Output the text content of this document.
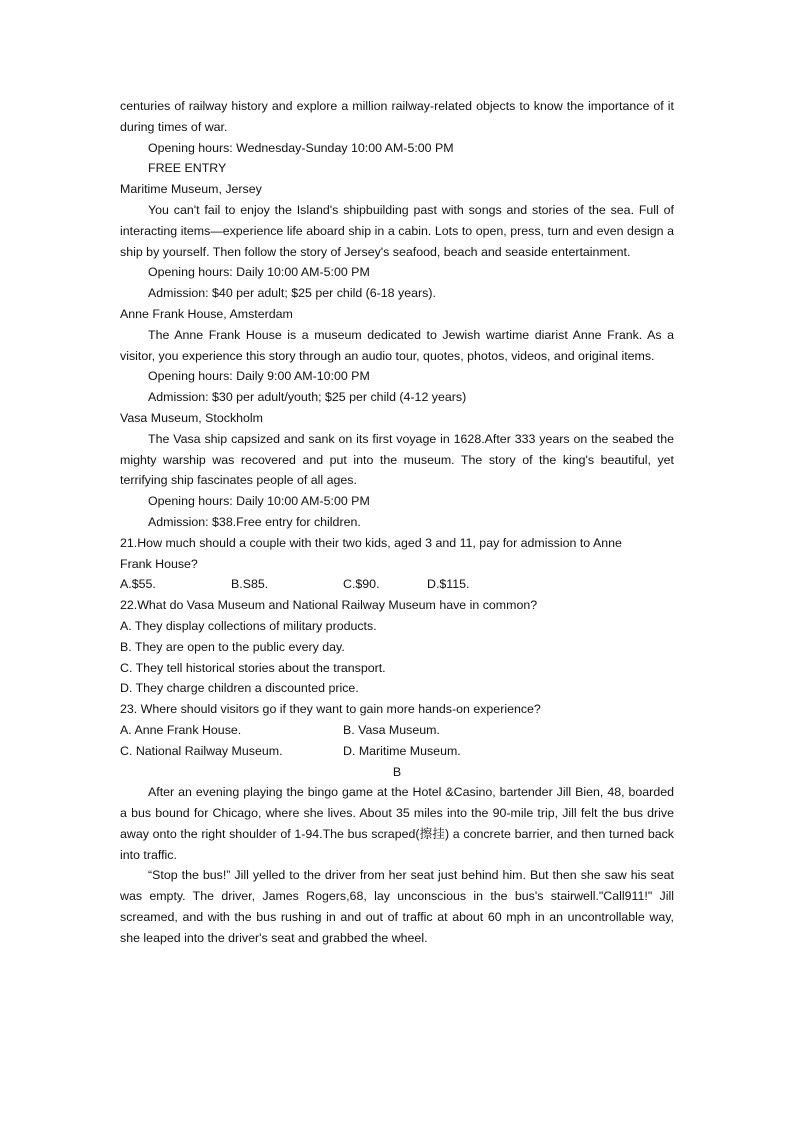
centuries of railway history and explore a million railway-related objects to know the importance of it during times of war.

Opening hours: Wednesday-Sunday 10:00 AM-5:00 PM
FREE ENTRY
Maritime Museum, Jersey

You can't fail to enjoy the Island's shipbuilding past with songs and stories of the sea. Full of interacting items—experience life aboard ship in a cabin. Lots to open, press, turn and even design a ship by yourself. Then follow the story of Jersey's seafood, beach and seaside entertainment.

Opening hours: Daily 10:00 AM-5:00 PM
Admission: $40 per adult; $25 per child (6-18 years).
Anne Frank House, Amsterdam

The Anne Frank House is a museum dedicated to Jewish wartime diarist Anne Frank. As a visitor, you experience this story through an audio tour, quotes, photos, videos, and original items.

Opening hours: Daily 9:00 AM-10:00 PM
Admission: $30 per adult/youth; $25 per child (4-12 years)
Vasa Museum, Stockholm

The Vasa ship capsized and sank on its first voyage in 1628.After 333 years on the seabed the mighty warship was recovered and put into the museum. The story of the king's beautiful, yet terrifying ship fascinates people of all ages.

Opening hours: Daily 10:00 AM-5:00 PM
Admission: $38.Free entry for children.
21.How much should a couple with their two kids, aged 3 and 11, pay for admission to Anne
Frank House?
A.$55.	B.S85.	C.$90.	D.$115.
22.What do Vasa Museum and National Railway Museum have in common?
A. They display collections of military products.
B. They are open to the public every day.
C. They tell historical stories about the transport.
D. They charge children a discounted price.
23. Where should visitors go if they want to gain more hands-on experience?
A. Anne Frank House.	B. Vasa Museum.
C. National Railway Museum.	D. Maritime Museum.
B

After an evening playing the bingo game at the Hotel &Casino, bartender Jill Bien, 48, boarded a bus bound for Chicago, where she lives. About 35 miles into the 90-mile trip, Jill felt the bus drive away onto the right shoulder of 1-94.The bus scraped(擦挂) a concrete barrier, and then turned back into traffic.

“Stop the bus!” Jill yelled to the driver from her seat just behind him. But then she saw his seat was empty. The driver, James Rogers,68, lay unconscious in the bus's stairwell."Call911!" Jill screamed, and with the bus rushing in and out of traffic at about 60 mph in an uncontrollable way, she leaped into the driver's seat and grabbed the wheel.
